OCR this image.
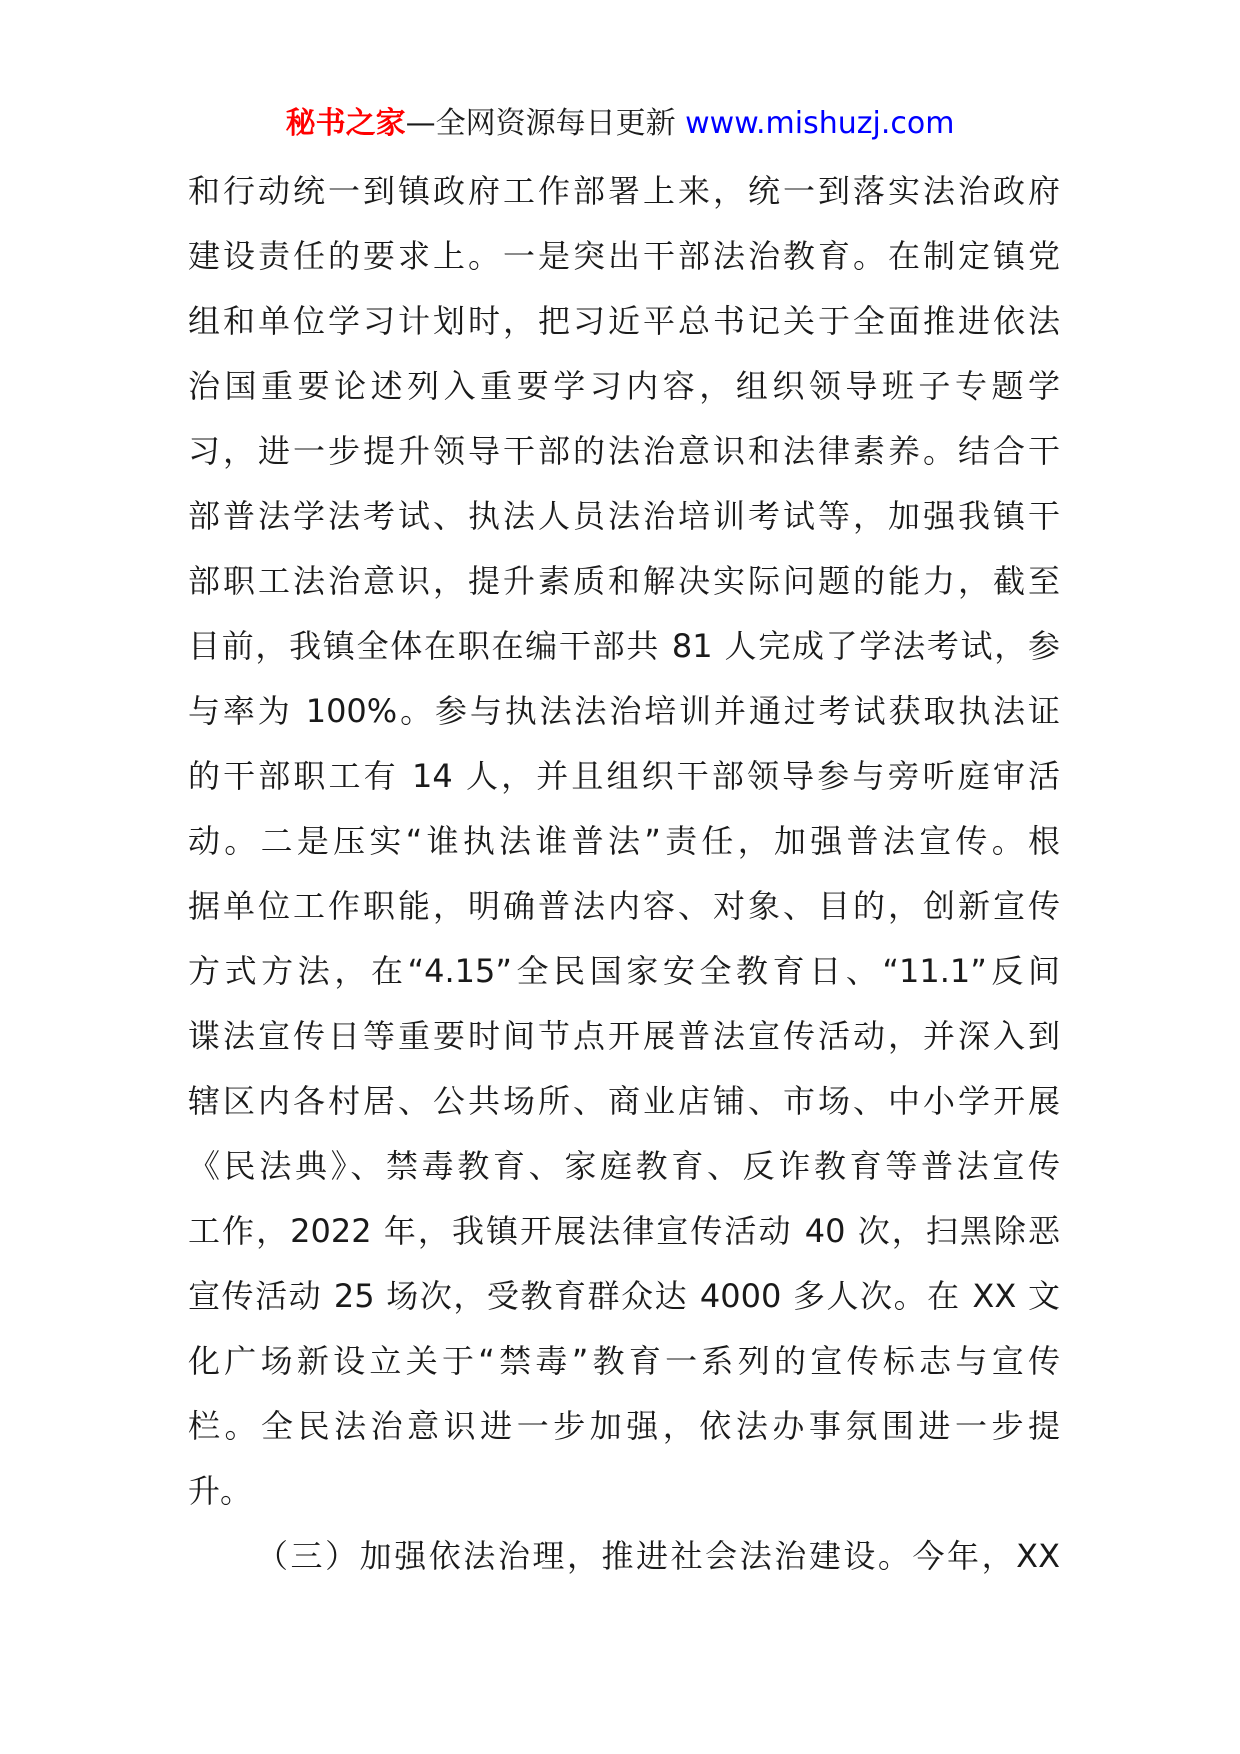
秘书之家—全网资源每日更新 www.mishuzj.com
和行动统一到镇政府工作部署上来，统一到落实法治政府
建设责任的要求上。一是突出干部法治教育。在制定镇党
组和单位学习计划时，把习近平总书记关于全面推进依法
治国重要论述列入重要学习内容，组织领导班子专题学
习，进一步提升领导干部的法治意识和法律素养。结合干
部普法学法考试、执法人员法治培训考试等，加强我镇干
部职工法治意识，提升素质和解决实际问题的能力，截至
目前，我镇全体在职在编干部共 81 人完成了学法考试，参
与率为 100%。参与执法法治培训并通过考试获取执法证
的干部职工有 14 人，并且组织干部领导参与旁听庭审活
动。二是压实“谁执法谁普法”责任，加强普法宣传。根
据单位工作职能，明确普法内容、对象、目的，创新宣传
方式方法，在“4.15”全民国家安全教育日、“11.1”反间
谍法宣传日等重要时间节点开展普法宣传活动，并深入到
辖区内各村居、公共场所、商业店铺、市场、中小学开展
《民法典》、禁毒教育、家庭教育、反诈教育等普法宣传
工作，2022 年，我镇开展法律宣传活动 40 次，扫黑除恶
宣传活动 25 场次，受教育群众达 4000 多人次。在 XX 文
化广场新设立关于“禁毒”教育一系列的宣传标志与宣传
栏。全民法治意识进一步加强，依法办事氛围进一步提
升。
（三）加强依法治理，推进社会法治建设。今年，XX
